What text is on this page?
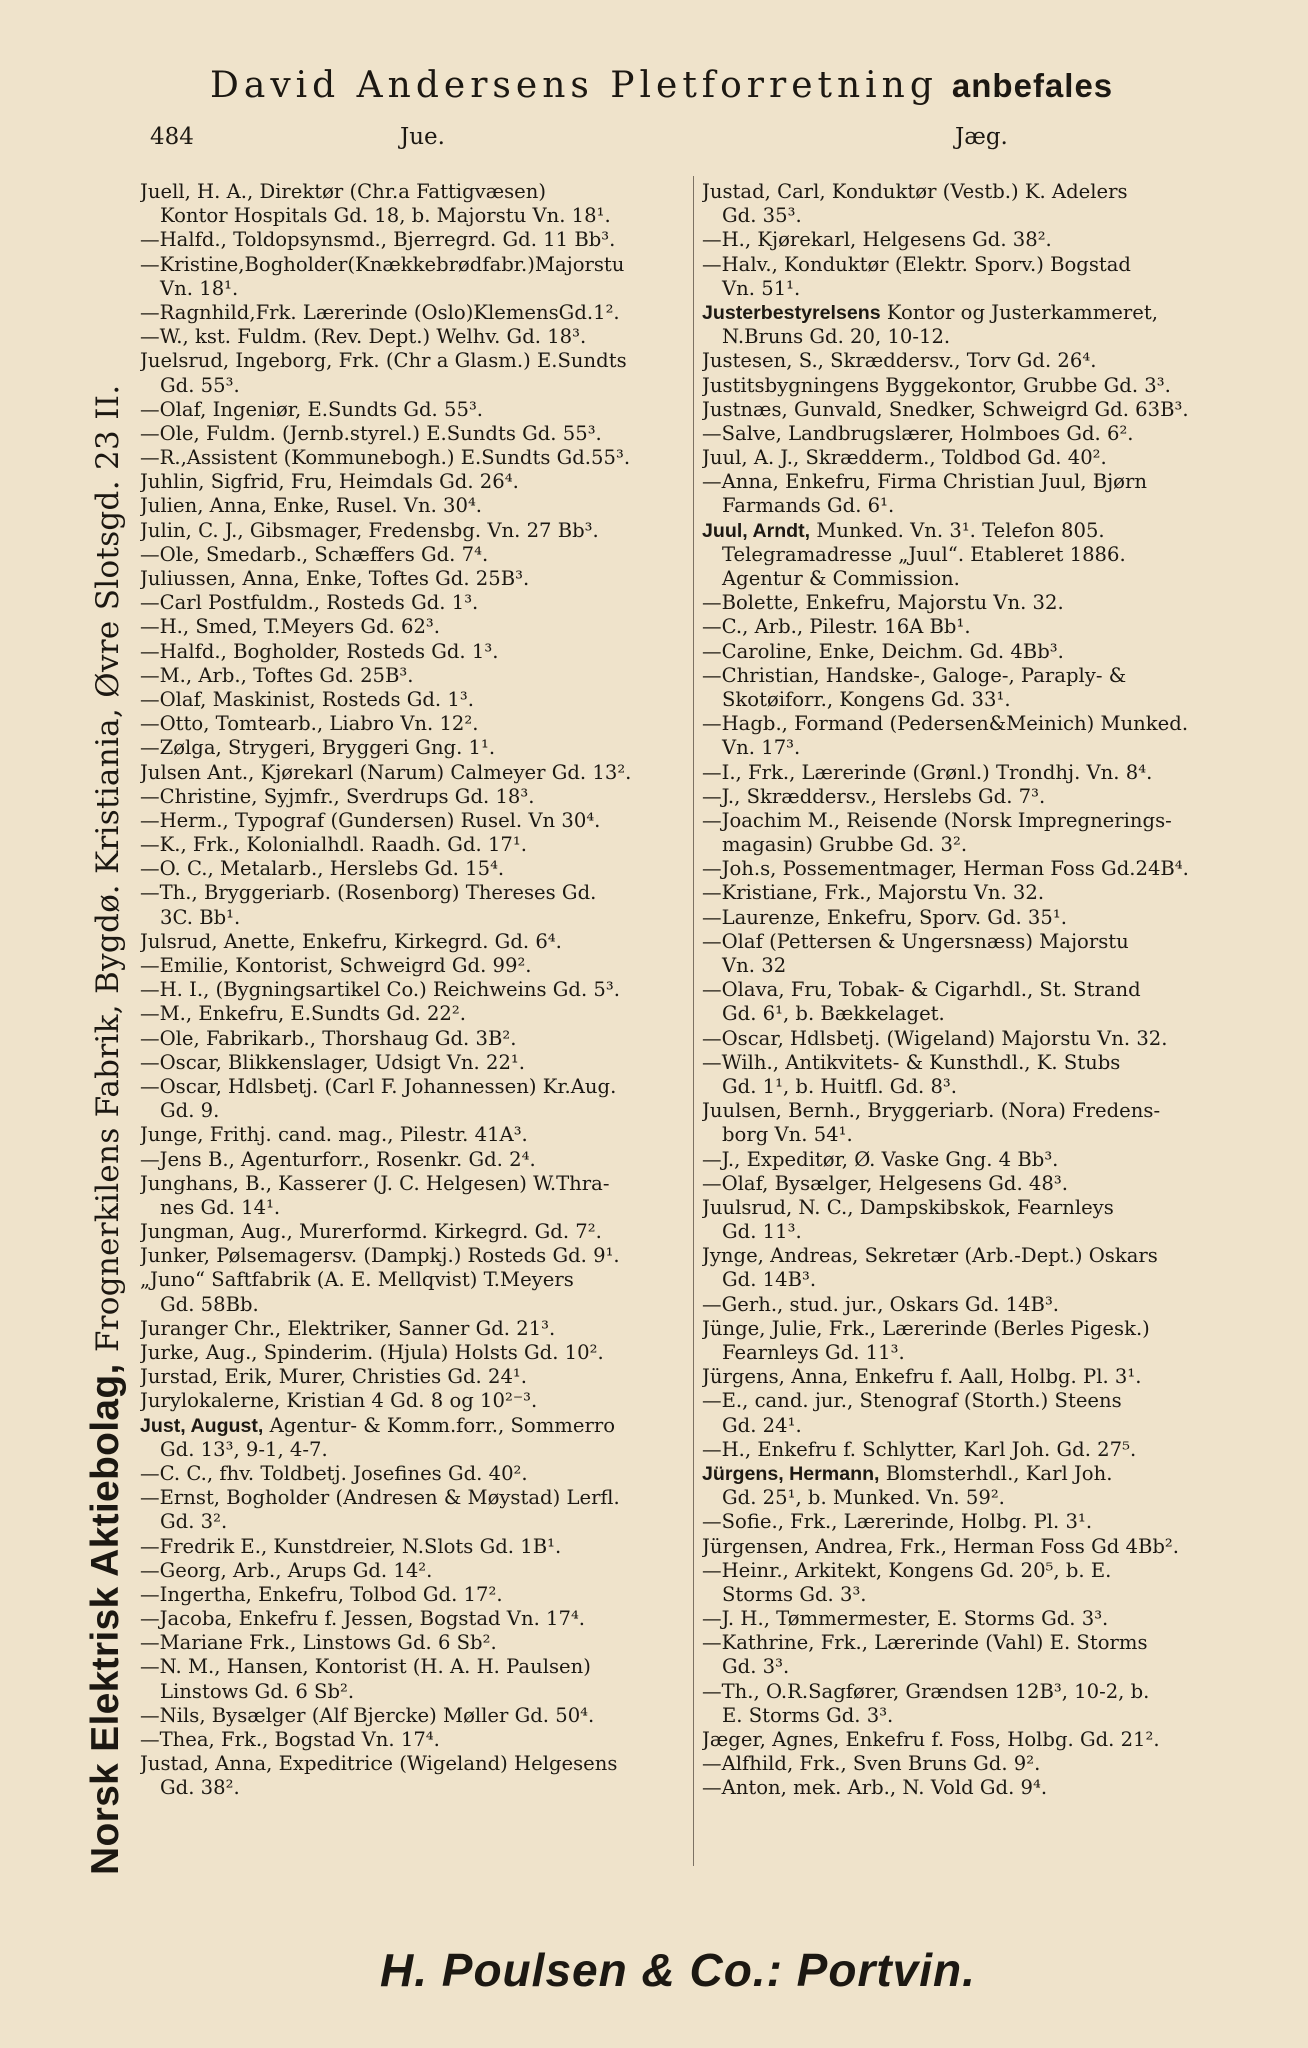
David Andersens Pletforretning anbefales
484	Jue.	Jæg.
Juell, H. A., Direktør (Chr.a Fattigvæsen)
Kontor Hospitals Gd. 18, b. Majorstu Vn. 18¹.
—Halfd., Toldopsynsmd., Bjerregrd. Gd. 11 Bb³.
—Kristine,Bogholder(Knækkebrødfabr.)Majorstu
Vn. 18¹.
—Ragnhild,Frk. Lærerinde (Oslo)KlemensGd.1².
—W., kst. Fuldm. (Rev. Dept.) Welhv. Gd. 18³.
Juelsrud, Ingeborg, Frk. (Chr a Glasm.) E.Sundts
Gd. 55³.
—Olaf, Ingeniør, E.Sundts Gd. 55³.
—Ole, Fuldm. (Jernb.styrel.) E.Sundts Gd. 55³.
—R.,Assistent (Kommunebogh.) E.Sundts Gd.55³.
Juhlin, Sigfrid, Fru, Heimdals Gd. 26⁴.
Julien, Anna, Enke, Rusel. Vn. 30⁴.
Julin, C. J., Gibsmager, Fredensbg. Vn. 27 Bb³.
—Ole, Smedarb., Schæffers Gd. 7⁴.
Juliussen, Anna, Enke, Toftes Gd. 25B³.
—Carl Postfuldm., Rosteds Gd. 1³.
—H., Smed, T.Meyers Gd. 62³.
—Halfd., Bogholder, Rosteds Gd. 1³.
—M., Arb., Toftes Gd. 25B³.
—Olaf, Maskinist, Rosteds Gd. 1³.
—Otto, Tomtearb., Liabro Vn. 12².
—Zølga, Strygeri, Bryggeri Gng. 1¹.
Julsen Ant., Kjørekarl (Narum) Calmeyer Gd. 13².
—Christine, Syjmfr., Sverdrups Gd. 18³.
—Herm., Typograf (Gundersen) Rusel. Vn 30⁴.
—K., Frk., Kolonialhdl. Raadh. Gd. 17¹.
—O. C., Metalarb., Herslebs Gd. 15⁴.
—Th., Bryggeriarb. (Rosenborg) Thereses Gd.
3C. Bb¹.
Julsrud, Anette, Enkefru, Kirkegrd. Gd. 6⁴.
—Emilie, Kontorist, Schweigrd Gd. 99².
—H. I., (Bygningsartikel Co.) Reichweins Gd. 5³.
—M., Enkefru, E.Sundts Gd. 22².
—Ole, Fabrikarb., Thorshaug Gd. 3B².
—Oscar, Blikkenslager, Udsigt Vn. 22¹.
—Oscar, Hdlsbetj. (Carl F. Johannessen) Kr.Aug.
Gd. 9.
Junge, Frithj. cand. mag., Pilestr. 41A³.
—Jens B., Agenturforr., Rosenkr. Gd. 2⁴.
Junghans, B., Kasserer (J. C. Helgesen) W.Thra-
nes Gd. 14¹.
Jungman, Aug., Murerformd. Kirkegrd. Gd. 7².
Junker, Pølsemagersv. (Dampkj.) Rosteds Gd. 9¹.
„Juno“ Saftfabrik (A. E. Mellqvist) T.Meyers
Gd. 58Bb.
Juranger Chr., Elektriker, Sanner Gd. 21³.
Jurke, Aug., Spinderim. (Hjula) Holsts Gd. 10².
Jurstad, Erik, Murer, Christies Gd. 24¹.
Jurylokalerne, Kristian 4 Gd. 8 og 10²⁻³.
Just, August, Agentur- & Komm.forr., Sommerro
Gd. 13³, 9-1, 4-7.
—C. C., fhv. Toldbetj. Josefines Gd. 40².
—Ernst, Bogholder (Andresen & Møystad) Lerfl.
Gd. 3².
—Fredrik E., Kunstdreier, N.Slots Gd. 1B¹.
—Georg, Arb., Arups Gd. 14².
—Ingertha, Enkefru, Tolbod Gd. 17².
—Jacoba, Enkefru f. Jessen, Bogstad Vn. 17⁴.
—Mariane Frk., Linstows Gd. 6 Sb².
—N. M., Hansen, Kontorist (H. A. H. Paulsen)
Linstows Gd. 6 Sb².
—Nils, Bysælger (Alf Bjercke) Møller Gd. 50⁴.
—Thea, Frk., Bogstad Vn. 17⁴.
Justad, Anna, Expeditrice (Wigeland) Helgesens
Gd. 38².
Justad, Carl, Konduktør (Vestb.) K. Adelers
Gd. 35³.
—H., Kjørekarl, Helgesens Gd. 38².
—Halv., Konduktør (Elektr. Sporv.) Bogstad
Vn. 51¹.
Justerbestyrelsens Kontor og Justerkammeret,
N.Bruns Gd. 20, 10-12.
Justesen, S., Skræddersv., Torv Gd. 26⁴.
Justitsbygningens Byggekontor, Grubbe Gd. 3³.
Justnæs, Gunvald, Snedker, Schweigrd Gd. 63B³.
—Salve, Landbrugslærer, Holmboes Gd. 6².
Juul, A. J., Skrædderm., Toldbod Gd. 40².
—Anna, Enkefru, Firma Christian Juul, Bjørn
Farmands Gd. 6¹.
Juul, Arndt, Munked. Vn. 3¹. Telefon 805.
Telegramadresse „Juul“. Etableret 1886.
Agentur & Commission.
—Bolette, Enkefru, Majorstu Vn. 32.
—C., Arb., Pilestr. 16A Bb¹.
—Caroline, Enke, Deichm. Gd. 4Bb³.
—Christian, Handske-, Galoge-, Paraply- &
Skotøiforr., Kongens Gd. 33¹.
—Hagb., Formand (Pedersen&Meinich) Munked.
Vn. 17³.
—I., Frk., Lærerinde (Grønl.) Trondhj. Vn. 8⁴.
—J., Skræddersv., Herslebs Gd. 7³.
—Joachim M., Reisende (Norsk Impregnerings-
magasin) Grubbe Gd. 3².
—Joh.s, Possementmager, Herman Foss Gd.24B⁴.
—Kristiane, Frk., Majorstu Vn. 32.
—Laurenze, Enkefru, Sporv. Gd. 35¹.
—Olaf (Pettersen & Ungersnæss) Majorstu
Vn. 32
—Olava, Fru, Tobak- & Cigarhdl., St. Strand
Gd. 6¹, b. Bækkelaget.
—Oscar, Hdlsbetj. (Wigeland) Majorstu Vn. 32.
—Wilh., Antikvitets- & Kunsthdl., K. Stubs
Gd. 1¹, b. Huitfl. Gd. 8³.
Juulsen, Bernh., Bryggeriarb. (Nora) Fredens-
borg Vn. 54¹.
—J., Expeditør, Ø. Vaske Gng. 4 Bb³.
—Olaf, Bysælger, Helgesens Gd. 48³.
Juulsrud, N. C., Dampskibskok, Fearnleys
Gd. 11³.
Jynge, Andreas, Sekretær (Arb.-Dept.) Oskars
Gd. 14B³.
—Gerh., stud. jur., Oskars Gd. 14B³.
Jünge, Julie, Frk., Lærerinde (Berles Pigesk.)
Fearnleys Gd. 11³.
Jürgens, Anna, Enkefru f. Aall, Holbg. Pl. 3¹.
—E., cand. jur., Stenograf (Storth.) Steens
Gd. 24¹.
—H., Enkefru f. Schlytter, Karl Joh. Gd. 27⁵.
Jürgens, Hermann, Blomsterhdl., Karl Joh.
Gd. 25¹, b. Munked. Vn. 59².
—Sofie., Frk., Lærerinde, Holbg. Pl. 3¹.
Jürgensen, Andrea, Frk., Herman Foss Gd 4Bb².
—Heinr., Arkitekt, Kongens Gd. 20⁵, b. E.
Storms Gd. 3³.
—J. H., Tømmermester, E. Storms Gd. 3³.
—Kathrine, Frk., Lærerinde (Vahl) E. Storms
Gd. 3³.
—Th., O.R.Sagfører, Grændsen 12B³, 10-2, b.
E. Storms Gd. 3³.
Jæger, Agnes, Enkefru f. Foss, Holbg. Gd. 21².
—Alfhild, Frk., Sven Bruns Gd. 9².
—Anton, mek. Arb., N. Vold Gd. 9⁴.
Norsk Elektrisk Aktiebolag, Frognerkilens Fabrik, Bygdø. Kristiania, Øvre Slotsgd. 23 II.
H. Poulsen & Co.: Portvin.
